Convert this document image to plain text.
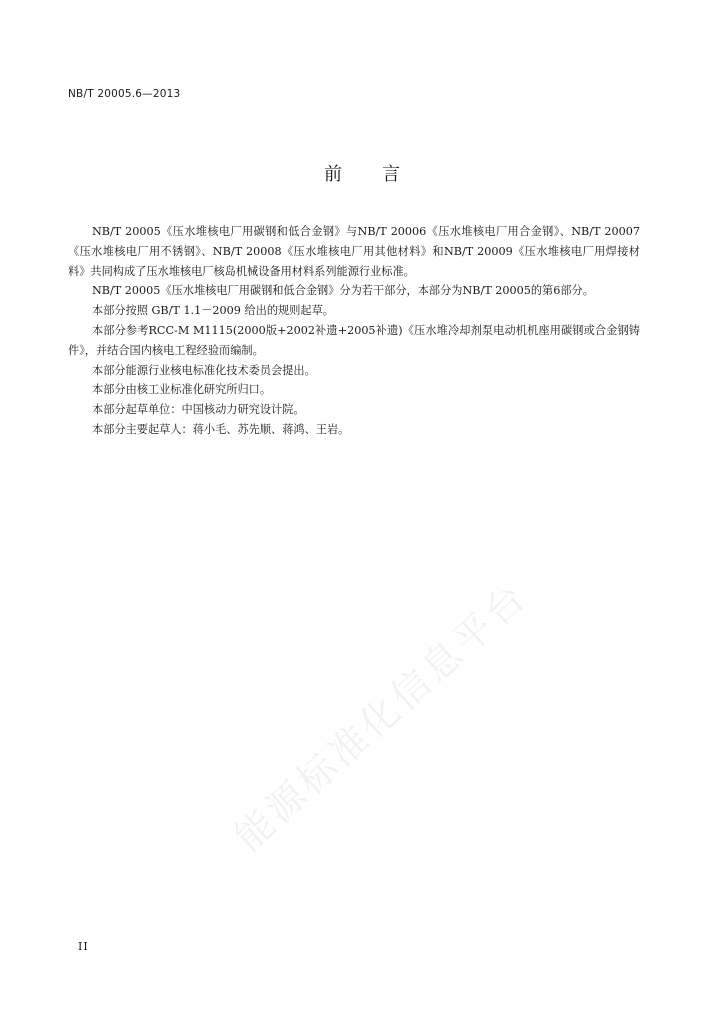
NB/T 20005.6—2013
前言

NB/T 20005《压水堆核电厂用碳钢和低合金钢》与NB/T 20006《压水堆核电厂用合金钢》、NB/T 20007《压水堆核电厂用不锈钢》、NB/T 20008《压水堆核电厂用其他材料》和NB/T 20009《压水堆核电厂用焊接材料》共同构成了压水堆核电厂核岛机械设备用材料系列能源行业标准。

NB/T 20005《压水堆核电厂用碳钢和低合金钢》分为若干部分，本部分为NB/T 20005的第6部分。

本部分按照 GB/T 1.1－2009 给出的规则起草。

本部分参考RCC-M M1115(2000版+2002补遗+2005补遗)《压水堆冷却剂泵电动机机座用碳钢或合金钢铸件》，并结合国内核电工程经验而编制。

本部分能源行业核电标准化技术委员会提出。

本部分由核工业标准化研究所归口。

本部分起草单位：中国核动力研究设计院。

本部分主要起草人：蒋小毛、苏先顺、蒋鸿、王岩。

能源标准化信息平台
II
